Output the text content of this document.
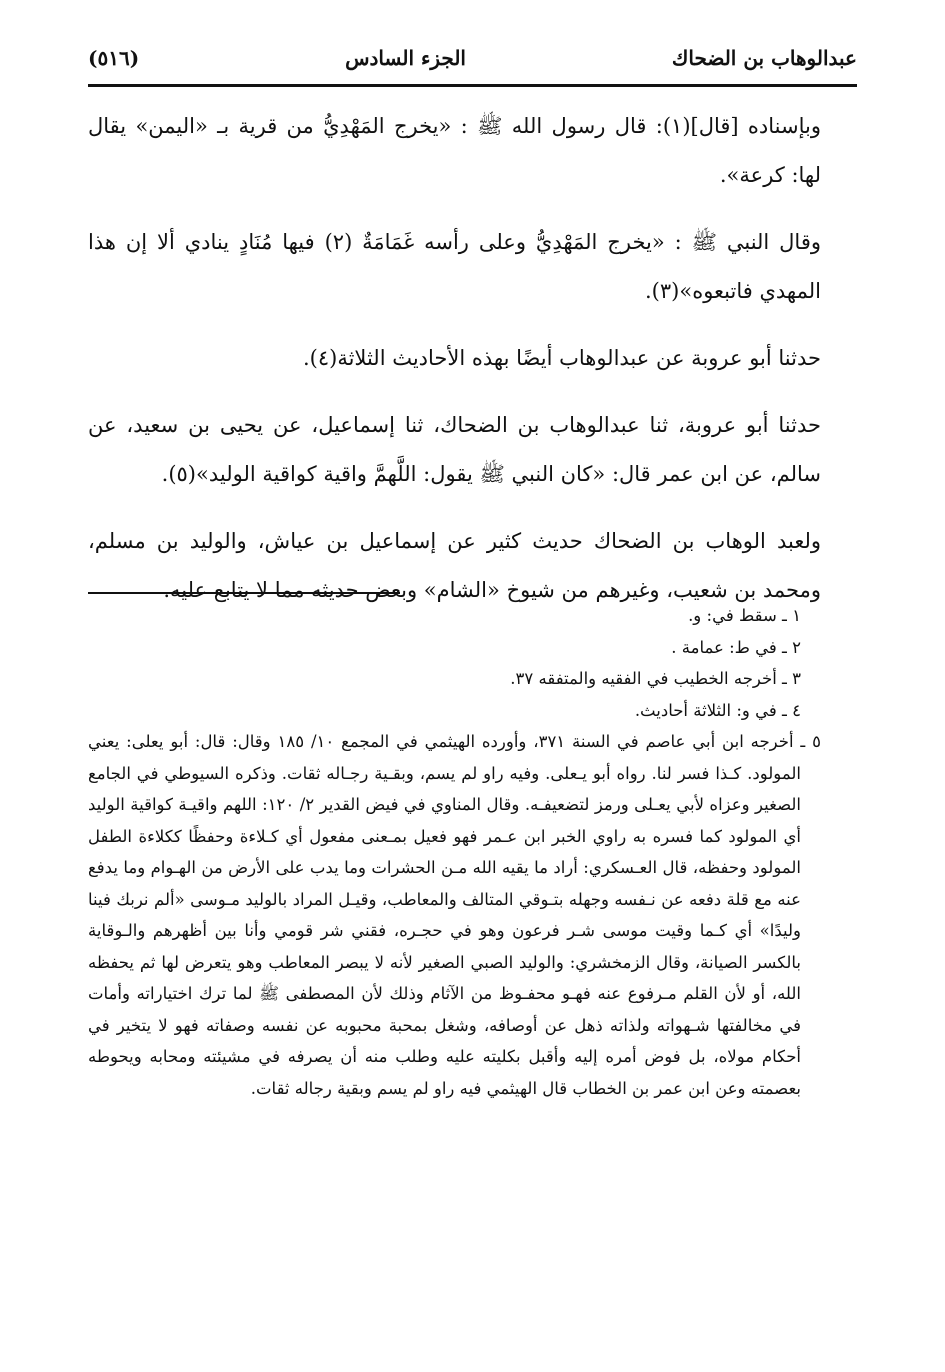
عبدالوهاب بن الضحاك
الجزء السادس
(٥١٦)

وبإسناده [قال](١): قال رسول الله ﷺ : «يخرج المَهْدِيُّ من قرية بـ «اليمن» يقال لها: كرعة».

وقال النبي ﷺ : «يخرج المَهْدِيُّ وعلى رأسه غَمَامَةٌ (٢) فيها مُنَادٍ ينادي ألا إن هذا المهدي فاتبعوه»(٣).

حدثنا أبو عروبة عن عبدالوهاب أيضًا بهذه الأحاديث الثلاثة(٤).

حدثنا أبو عروبة، ثنا عبدالوهاب بن الضحاك، ثنا إسماعيل، عن يحيى بن سعيد، عن سالم، عن ابن عمر قال: «كان النبي ﷺ يقول: اللَّهمَّ واقية كواقية الوليد»(٥).

ولعبد الوهاب بن الضحاك حديث كثير عن إسماعيل بن عياش، والوليد بن مسلم، ومحمد بن شعيب، وغيرهم من شيوخ «الشام» وبعض حديثه مما لا يتابع عليه.

١ ـ سقط في: و.

٢ ـ في ط: عمامة .

٣ ـ أخرجه الخطيب في الفقيه والمتفقه ٣٧.

٤ ـ في و: الثلاثة أحاديث.

٥ ـ أخرجه ابن أبي عاصم في السنة ٣٧١، وأورده الهيثمي في المجمع ١٠/ ١٨٥ وقال: قال: أبو يعلى: يعني المولود. كـذا فسر لنا. رواه أبو يـعلى. وفيه راو لم يسم، وبقـية رجـاله ثقات. وذكره السيوطي في الجامع الصغير وعزاه لأبي يعـلى ورمز لتضعيفـه. وقال المناوي في فيض القدير ٢/ ١٢٠: اللهم واقيـة كواقية الوليد أي المولود كما فسره به راوي الخبر ابن عـمر فهو فعيل بمـعنى مفعول أي كـلاءة وحفظًا ككلاءة الطفل المولود وحفظه، قال العـسكري: أراد ما يقيه الله مـن الحشرات وما يدب على الأرض من الهـوام وما يدفع عنه مع قلة دفعه عن نـفسه وجهله بتـوقي المتالف والمعاطب، وقيـل المراد بالوليد مـوسى «ألم نربك فينا وليدًا» أي كـما وقيت موسى شـر فرعون وهو في حجـره، فقني شر قومي وأنا بين أظهرهم والـوقاية بالكسر الصيانة، وقال الزمخشري: والوليد الصبي الصغير لأنه لا يبصر المعاطب وهو يتعرض لها ثم يحفظه الله، أو لأن القلم مـرفوع عنه فهـو محفـوظ من الآثام وذلك لأن المصطفى ﷺ لما ترك اختياراته وأمات في مخالفتها شـهواته ولذاته ذهل عن أوصافه، وشغل بمحبة محبوبه عن نفسه وصفاته فهو لا يتخير في أحكام مولاه، بل فوض أمره إليه وأقبل بكليته عليه وطلب منه أن يصرفه في مشيئته ومحابه ويحوطه بعصمته وعن ابن عمر بن الخطاب قال الهيثمي فيه راو لم يسم وبقية رجاله ثقات.
